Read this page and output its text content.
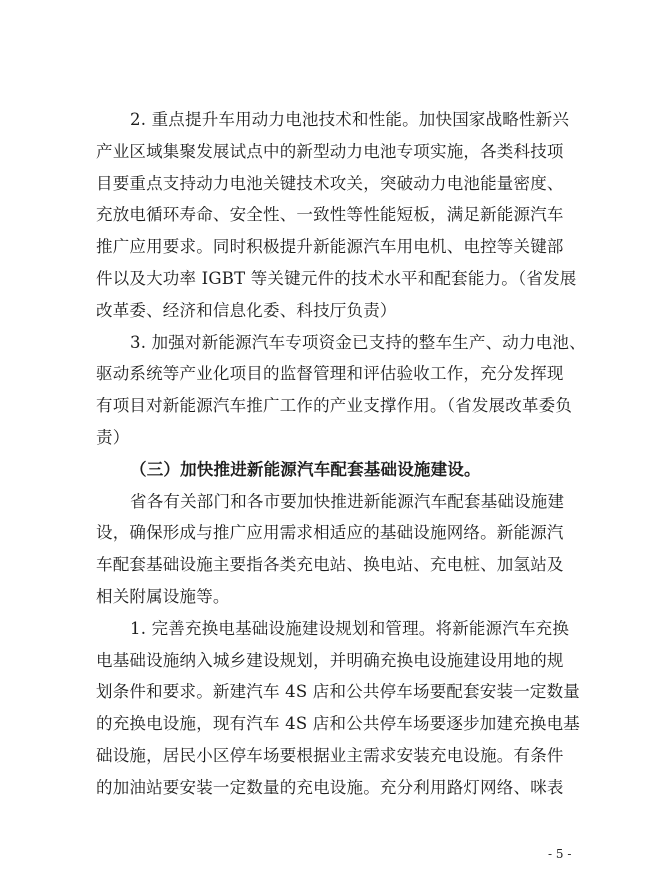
2. 重点提升车用动力电池技术和性能。加快国家战略性新兴
产业区域集聚发展试点中的新型动力电池专项实施，各类科技项
目要重点支持动力电池关键技术攻关，突破动力电池能量密度、
充放电循环寿命、安全性、一致性等性能短板，满足新能源汽车
推广应用要求。同时积极提升新能源汽车用电机、电控等关键部
件以及大功率 IGBT 等关键元件的技术水平和配套能力。（省发展
改革委、经济和信息化委、科技厅负责）
3. 加强对新能源汽车专项资金已支持的整车生产、动力电池、
驱动系统等产业化项目的监督管理和评估验收工作，充分发挥现
有项目对新能源汽车推广工作的产业支撑作用。（省发展改革委负
责）
（三）加快推进新能源汽车配套基础设施建设。
省各有关部门和各市要加快推进新能源汽车配套基础设施建
设，确保形成与推广应用需求相适应的基础设施网络。新能源汽
车配套基础设施主要指各类充电站、换电站、充电桩、加氢站及
相关附属设施等。
1. 完善充换电基础设施建设规划和管理。将新能源汽车充换
电基础设施纳入城乡建设规划，并明确充换电设施建设用地的规
划条件和要求。新建汽车 4S 店和公共停车场要配套安装一定数量
的充换电设施，现有汽车 4S 店和公共停车场要逐步加建充换电基
础设施，居民小区停车场要根据业主需求安装充电设施。有条件
的加油站要安装一定数量的充电设施。充分利用路灯网络、咪表
- 5 -
